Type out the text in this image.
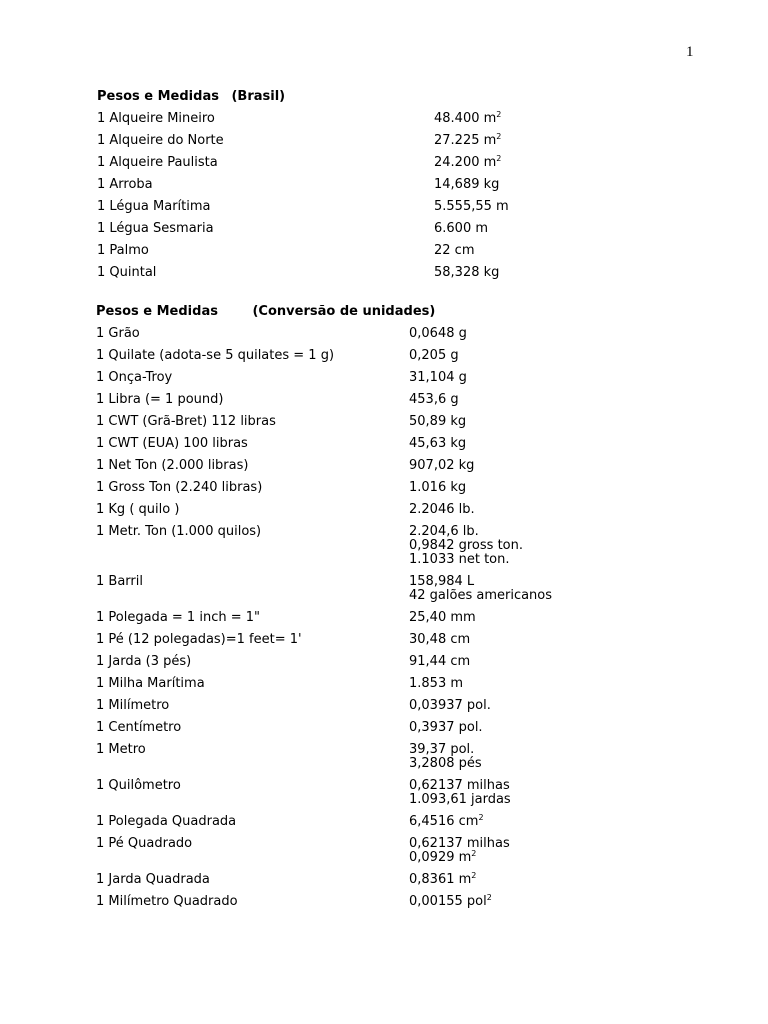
1
Pesos e Medidas (Brasil)
1 Alqueire Mineiro	48.400 $m^2$
1 Alqueire do Norte	27.225 $m^2$
1 Alqueire Paulista	24.200 $m^2$
1 Arroba	14,689 kg
1 Légua Marítima	5.555,55 m
1 Légua Sesmaria	6.600 m
1 Palmo	22 cm
1 Quintal	58,328 kg
Pesos e Medidas	(Conversão de unidades)
1 Grão	0,0648 g
1 Quilate (adota-se 5 quilates = 1 g)	0,205 g
1 Onça-Troy	31,104 g
1 Libra (= 1 pound)	453,6 g
1 CWT (Grã-Bret) 112 libras	50,89 kg
1 CWT (EUA) 100 libras	45,63 kg
1 Net Ton (2.000 libras)	907,02 kg
1 Gross Ton (2.240 libras)	1.016 kg
1 Kg ( quilo )	2.2046 lb.
1 Metr. Ton (1.000 quilos)	2.204,6 lb.
0,9842 gross ton.
1.1033 net ton.
1 Barril	158,984 L
42 galões americanos
1 Polegada = 1 inch = 1"	25,40 mm
1 Pé (12 polegadas)=1 feet= 1'	30,48 cm
1 Jarda (3 pés)	91,44 cm
1 Milha Marítima	1.853 m
1 Milímetro	0,03937 pol.
1 Centímetro	0,3937 pol.
1 Metro	39,37 pol.
3,2808 pés
1 Quilômetro	0,62137 milhas
1.093,61 jardas
1 Polegada Quadrada	6,4516 $cm^2$
1 Pé Quadrado	0,62137 milhas
0,0929 $m^2$
1 Jarda Quadrada	0,8361 $m^2$
1 Milímetro Quadrado	0,00155 pol$^2$
